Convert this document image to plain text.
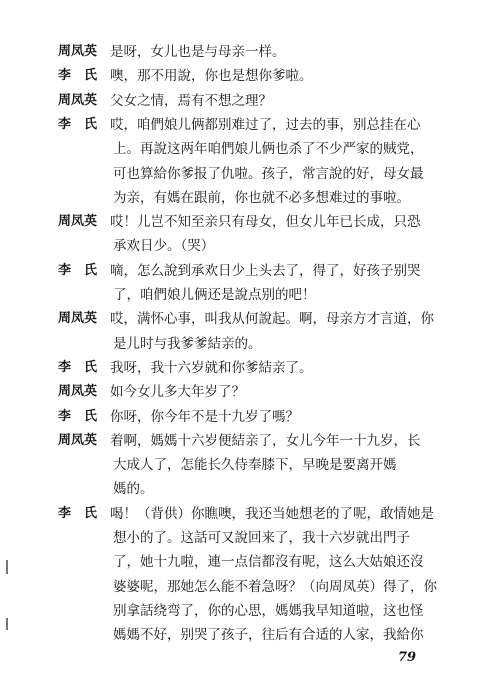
周凤英 是呀，女儿也是与母亲一样。
李　氏 噢，那不用說，你也是想你爹啦。
周凤英 父女之情，焉有不想之理？
李　氏 哎，咱們娘儿俩都别难过了，过去的事，别总挂在心
上。再說这两年咱們娘儿俩也杀了不少严家的贼党，
可也算給你爹报了仇啦。孩子，常言說的好，母女最
为亲，有媽在跟前，你也就不必多想难过的事啦。
周凤英 哎！儿岂不知至亲只有母女，但女儿年已长成，只恐
承欢日少。（哭）
李　氏 嘀，怎么說到承欢日少上头去了，得了，好孩子别哭
了，咱們娘儿俩还是說点别的吧！
周凤英 哎，满怀心事，叫我从何說起。啊，母亲方才言道，你
是儿时与我爹爹結亲的。
李　氏 我呀，我十六岁就和你爹結亲了。
周凤英 如今女儿多大年岁了？
李　氏 你呀，你今年不是十九岁了嗎？
周凤英 着啊，媽媽十六岁便結亲了，女儿今年一十九岁，长
大成人了，怎能长久侍奉膝下，早晚是要离开媽
媽的。
李　氏 喝！（背供）你瞧噢，我还当她想老的了呢，敢情她是
想小的了。这話可又說回来了，我十六岁就出門子
了，她十九啦，連一点信都沒有呢，这么大姑娘还沒
婆婆呢，那她怎么能不着急呀？（向周凤英）得了，你
别拿話绕弯了，你的心思，媽媽我早知道啦，这也怪
媽媽不好，别哭了孩子，往后有合适的人家，我給你
79
